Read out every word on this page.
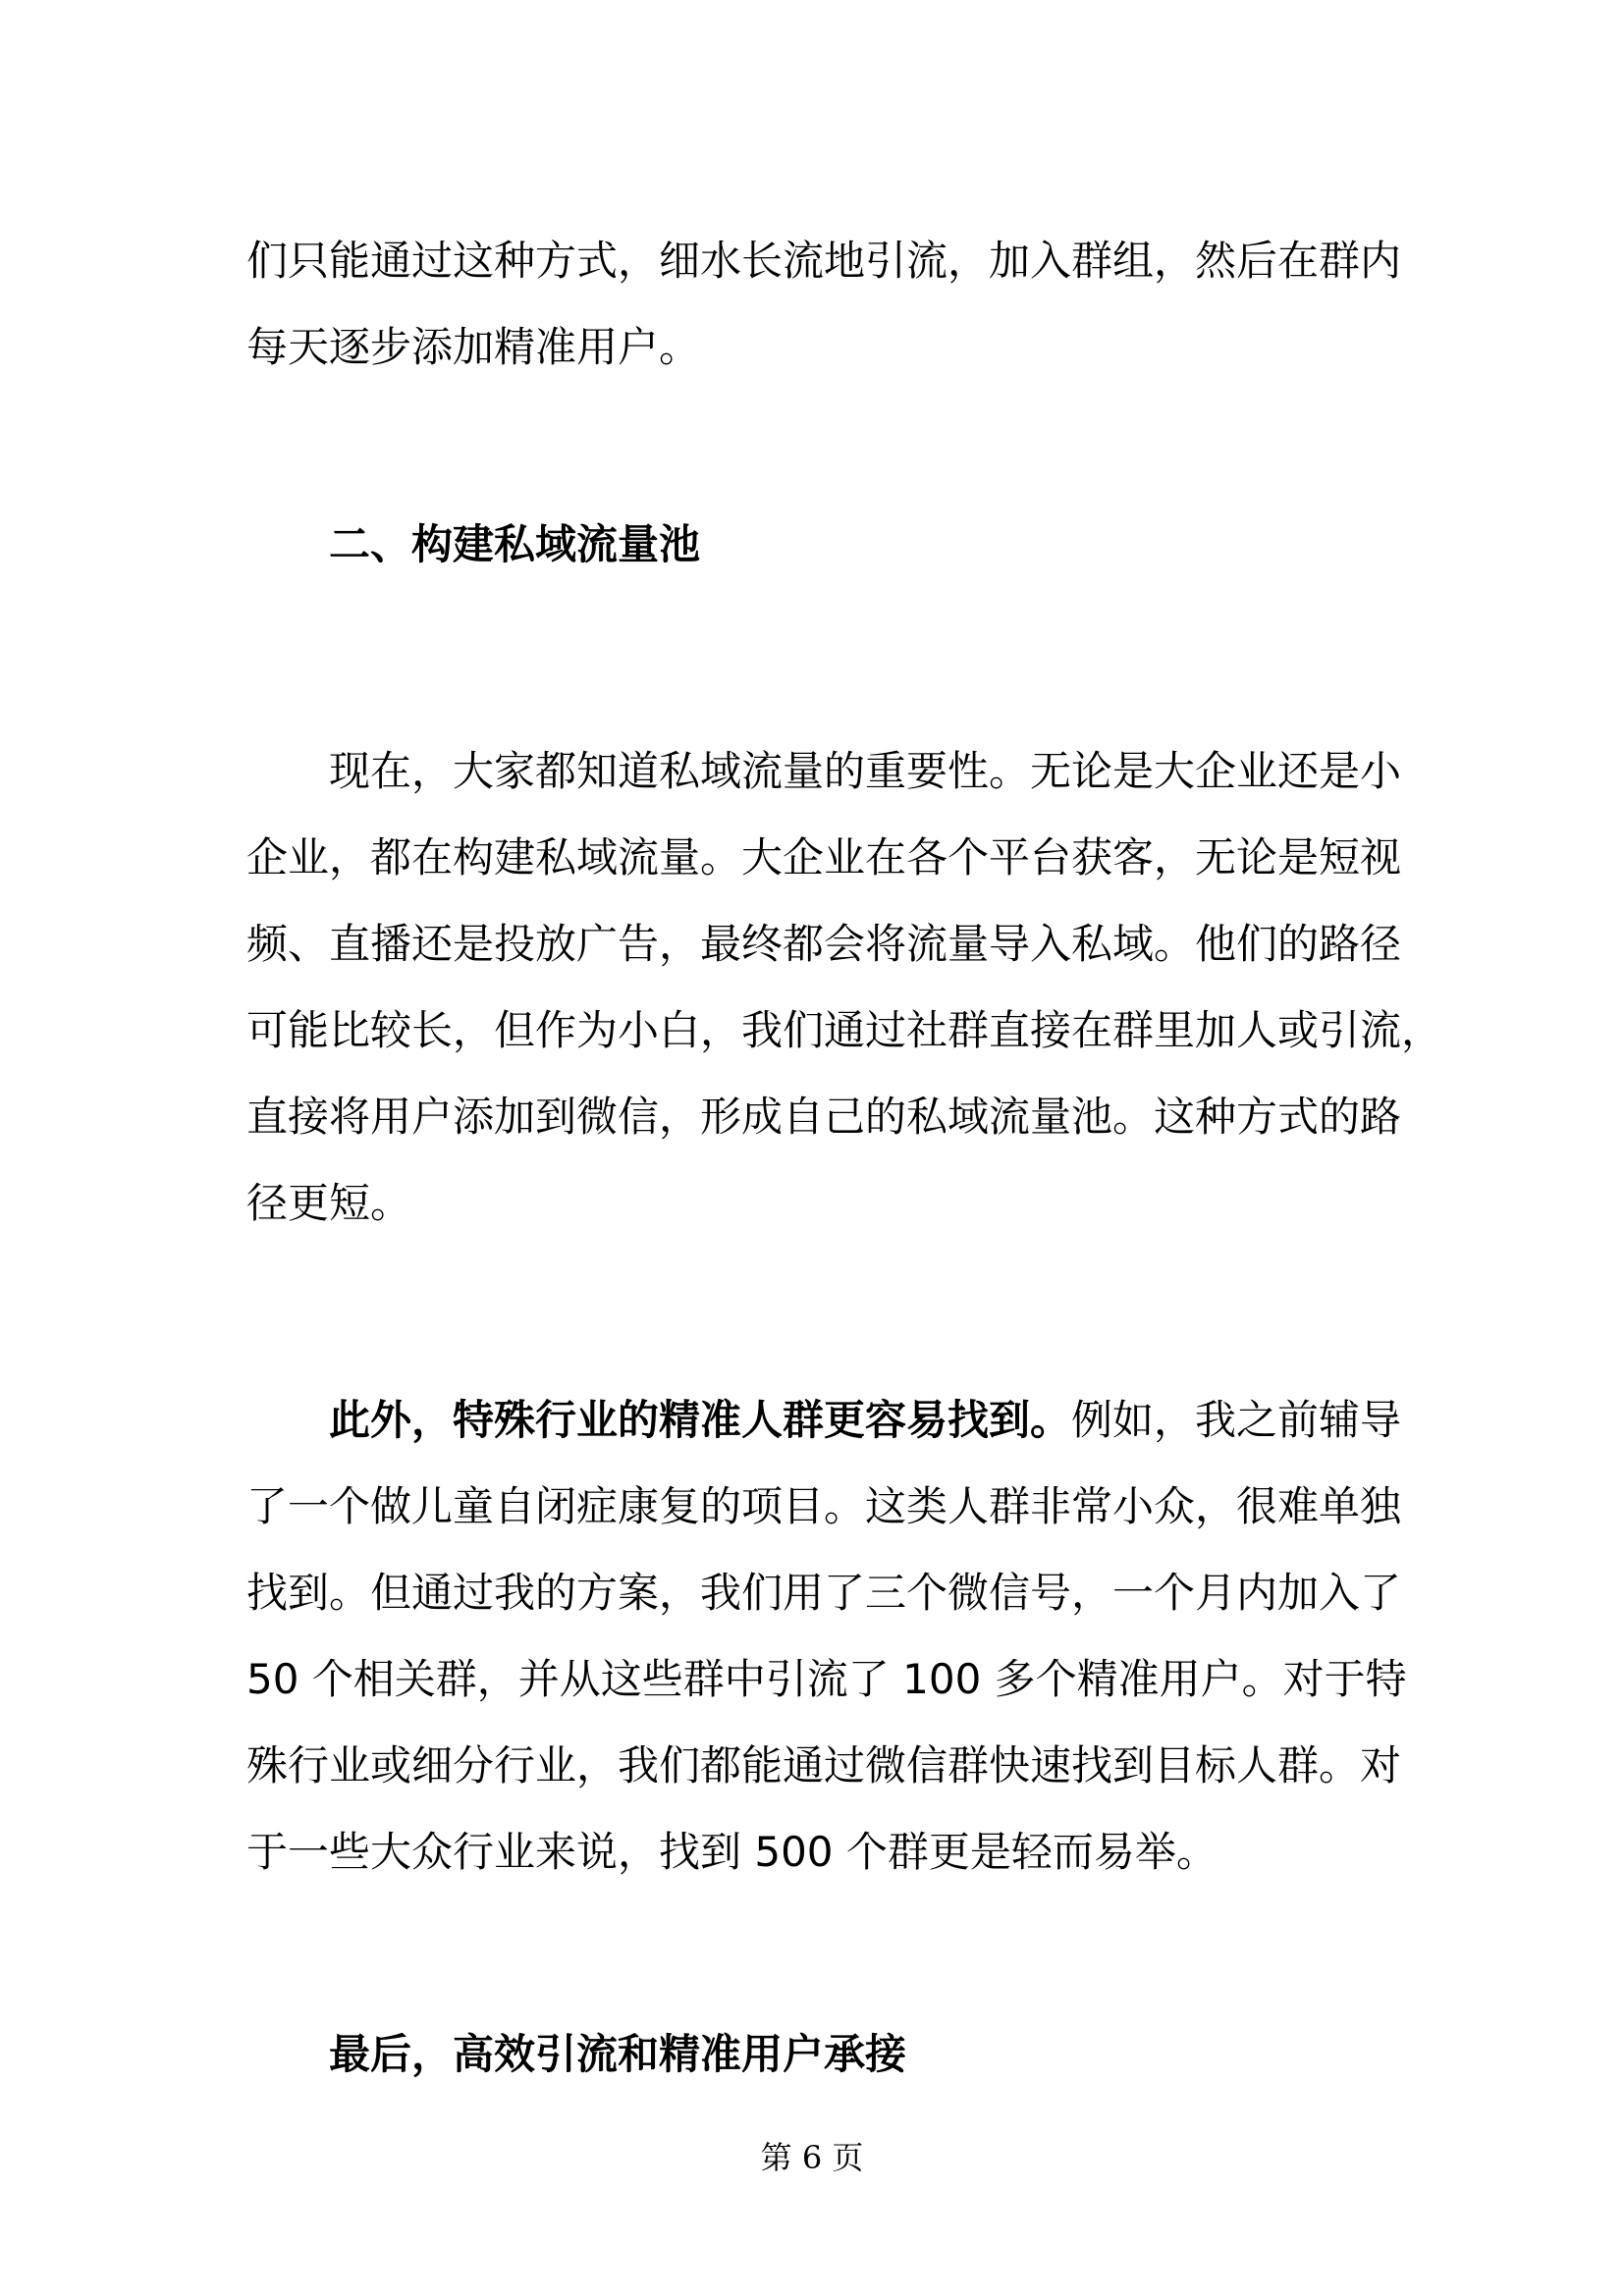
们只能通过这种方式，细水长流地引流，加入群组，然后在群内
每天逐步添加精准用户。

二、构建私域流量池

现在，大家都知道私域流量的重要性。无论是大企业还是小
企业，都在构建私域流量。大企业在各个平台获客，无论是短视
频、直播还是投放广告，最终都会将流量导入私域。他们的路径
可能比较长，但作为小白，我们通过社群直接在群里加人或引流，
直接将用户添加到微信，形成自己的私域流量池。这种方式的路
径更短。

此外，特殊行业的精准人群更容易找到。例如，我之前辅导
了一个做儿童自闭症康复的项目。这类人群非常小众，很难单独
找到。但通过我的方案，我们用了三个微信号，一个月内加入了
50 个相关群，并从这些群中引流了 100 多个精准用户。对于特
殊行业或细分行业，我们都能通过微信群快速找到目标人群。对
于一些大众行业来说，找到 500 个群更是轻而易举。

最后，高效引流和精准用户承接
第 6 页
